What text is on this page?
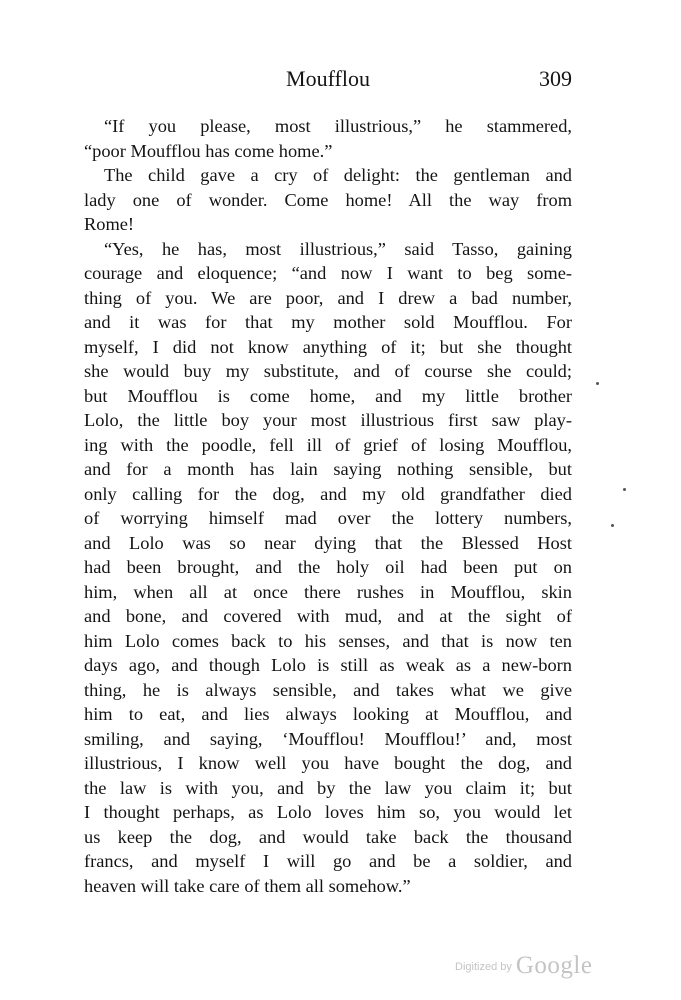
Moufflou	309
“If you please, most illustrious,” he stammered,
“poor Moufflou has come home.”
The child gave a cry of delight: the gentleman and
lady one of wonder. Come home! All the way from
Rome!
“Yes, he has, most illustrious,” said Tasso, gaining
courage and eloquence; “and now I want to beg some-
thing of you. We are poor, and I drew a bad number,
and it was for that my mother sold Moufflou. For
myself, I did not know anything of it; but she thought
she would buy my substitute, and of course she could;
but Moufflou is come home, and my little brother
Lolo, the little boy your most illustrious first saw play-
ing with the poodle, fell ill of grief of losing Moufflou,
and for a month has lain saying nothing sensible, but
only calling for the dog, and my old grandfather died
of worrying himself mad over the lottery numbers,
and Lolo was so near dying that the Blessed Host
had been brought, and the holy oil had been put on
him, when all at once there rushes in Moufflou, skin
and bone, and covered with mud, and at the sight of
him Lolo comes back to his senses, and that is now ten
days ago, and though Lolo is still as weak as a new-born
thing, he is always sensible, and takes what we give
him to eat, and lies always looking at Moufflou, and
smiling, and saying, ‘Moufflou! Moufflou!’ and, most
illustrious, I know well you have bought the dog, and
the law is with you, and by the law you claim it; but
I thought perhaps, as Lolo loves him so, you would let
us keep the dog, and would take back the thousand
francs, and myself I will go and be a soldier, and
heaven will take care of them all somehow.”
Digitized by Google
